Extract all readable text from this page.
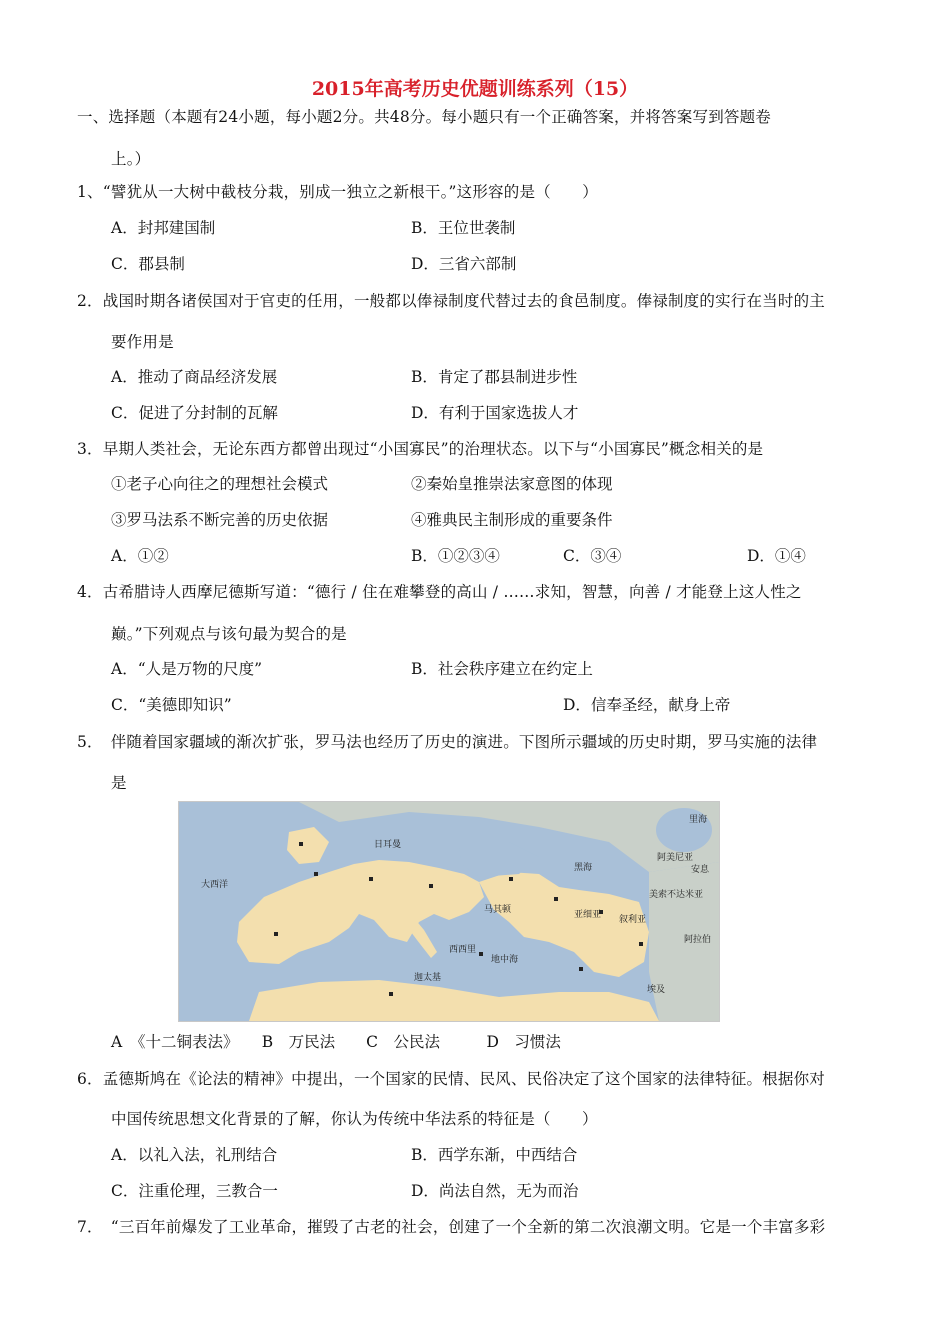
2015年高考历史优题训练系列（15）
一、选择题（本题有24小题，每小题2分。共48分。每小题只有一个正确答案，并将答案写到答题卷
上。）
1、“譬犹从一大树中截枝分栽，别成一独立之新根干。”这形容的是（　　）
A．封邦建国制	B．王位世袭制
C．郡县制	D．三省六部制
2．战国时期各诸侯国对于官吏的任用，一般都以俸禄制度代替过去的食邑制度。俸禄制度的实行在当时的主
要作用是
A．推动了商品经济发展	B．肯定了郡县制进步性
C．促进了分封制的瓦解	D．有利于国家选拔人才
3．早期人类社会，无论东西方都曾出现过“小国寡民”的治理状态。以下与“小国寡民”概念相关的是
①老子心向往之的理想社会模式	②秦始皇推崇法家意图的体现
③罗马法系不断完善的历史依据	④雅典民主制形成的重要条件
A．①②	B．①②③④	C．③④	D．①④
4．古希腊诗人西摩尼德斯写道：“德行 / 住在难攀登的高山 / ……求知，智慧，向善 / 才能登上这人性之
巅。”下列观点与该句最为契合的是
A．“人是万物的尺度”	B．社会秩序建立在约定上
C．“美德即知识”	D．信奉圣经，献身上帝
5．　伴随着国家疆域的渐次扩张，罗马法也经历了历史的演进。下图所示疆域的历史时期，罗马实施的法律
是
大西洋
里海
黑海
地中海
阿美尼亚
美索不达米亚
安息
阿拉伯
日耳曼
马其顿	亚细亚 叙利亚
埃及
迦太基
西西里
A　《十二铜表法》　　B　万民法　　C　公民法　　　D　习惯法
6．孟德斯鸠在《论法的精神》中提出，一个国家的民情、民风、民俗决定了这个国家的法律特征。根据你对
中国传统思想文化背景的了解，你认为传统中华法系的特征是（　　）
A．以礼入法，礼刑结合	B．西学东渐，中西结合
C．注重伦理，三教合一	D．尚法自然，无为而治
7．　“三百年前爆发了工业革命，摧毁了古老的社会，创建了一个全新的第二次浪潮文明。它是一个丰富多彩
